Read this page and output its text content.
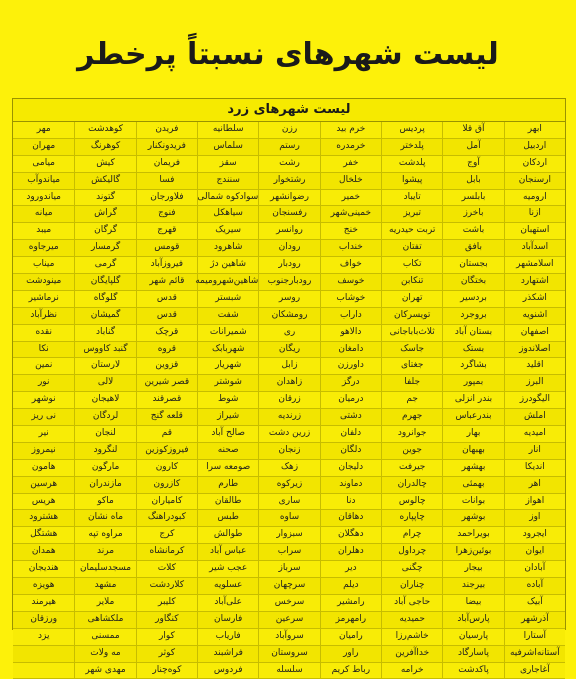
لیست شهرهای نسبتاً پرخطر
لیست شهرهای زرد
ابهر
آق قلا
پردیس
خرم بید
رزن
سلطانیه
فریدن
کوهدشت
مهر
اردبیل
آمل
پلدختر
خرمدره
رستم
سلماس
فریدونکنار
کوهرنگ
مهران
اردکان
آوج
پلدشت
خفر
رشت
سقز
فریمان
کیش
میامی
ارسنجان
بابل
پیشوا
خلخال
رشتخوار
سنندج
فسا
گالیکش
میاندوآب
ارومیه
بابلسر
تایباد
خمیر
رضوانشهر
سوادکوه شمالی
فلاورجان
گتوند
میاندورود
ازنا
باخرز
تبریز
خمینی‌شهر
رفسنجان
سیاهکل
فنوج
گراش
میانه
استهبان
باشت
تربت حیدریه
خنج
روانسر
سیریک
قهرج
گرگان
میبد
اسدآباد
بافق
تفتان
خنداب
رودان
شاهرود
قومس
گرمسار
میرجاوه
اسلامشهر
بجستان
تکاب
خواف
رودبار
شاهین دژ
فیروزآباد
گرمی
میناب
اشتهارد
بختگان
تنکابن
خوسف
رودبارجنوب
شاهین‌شهرومیمه
قائم شهر
گلپایگان
مینودشت
اشکذر
بردسیر
تهران
خوشاب
روسر
شبستر
قدس
گلوگاه
نرماشیر
اشنویه
بروجرد
تویسرکان
داراب
رومشکان
شفت
قدس
گمیشان
نظرآباد
اصفهان
بستان آباد
ثلاث‌باباجانی
دالاهو
ری
شمیرانات
قرچک
گناباد
نقده
اصلاندوز
بستک
جاسک
دامغان
ریگان
شهربابک
قروه
گنبد کاووس
نکا
اقلید
بشاگرد
جغتای
داورزن
زابل
شهریار
قزوین
لارستان
نمین
البرز
بمپور
جلفا
درگز
زاهدان
شوشتر
قصر شیرین
لالی
نور
الیگودرز
بندر انزلی
جم
درمیان
زرقان
شوط
قصرقند
لاهیجان
نوشهر
املش
بندرعباس
جهرم
دشتی
زرندیه
شیراز
قلعه گنج
لردگان
نی ریز
امیدیه
بهار
جوانرود
دلفان
زرین دشت
صالح آباد
قم
لنجان
نیر
انار
بهبهان
جوین
دلگان
زنجان
صحنه
فیروزکوزین
لنگرود
نیمروز
اندیکا
بهشهر
جیرفت
دلیجان
زهک
صومعه سرا
کارون
مارگون
هامون
اهر
بهمئی
چالدران
دماوند
زیرکوه
طارم
کازرون
مازندران
هرسین
اهواز
بوانات
چالوس
دنا
ساری
طالقان
کامیاران
ماکو
هریس
اوز
بوشهر
چاپپاره
دهاقان
ساوه
طبس
کبودراهنگ
ماه نشان
هشترود
ایجرود
بویراحمد
چرام
دهگلان
سبزوار
طوالش
کرج
مراوه تپه
هشتگل
ایوان
بوئین‌زهرا
چرداول
دهلران
سراب
عباس آباد
کرمانشاه
مرند
همدان
آبادان
بیجار
چگنی
دیر
سرباز
عجب شیر
کلات
مسجدسلیمان
هندیجان
آباده
بیرجند
چناران
دیلم
سرچهان
عسلویه
کلاردشت
مشهد
هویزه
آبیک
بیضا
حاجی آباد
رامشیر
سرخس
علی‌آباد
کلیبر
ملایر
هیرمند
آذرشهر
پارس‌آباد
حمیدیه
رامهرمز
سرعین
فارسان
کنگاور
ملکشاهی
ورزقان
آستارا
پارسیان
خاشم‌رزا
رامیان
سروآباد
فاریاب
کوار
ممسنی
یزد
آستانه‌اشرفیه
پاسارگاد
خداآفرین
راور
سروستان
فراشبند
کوثر
مه ولات
آغاجاری
پاکدشت
خرامه
رباط کریم
سلسله
فردوس
کوه‌چنار
مهدی شهر
